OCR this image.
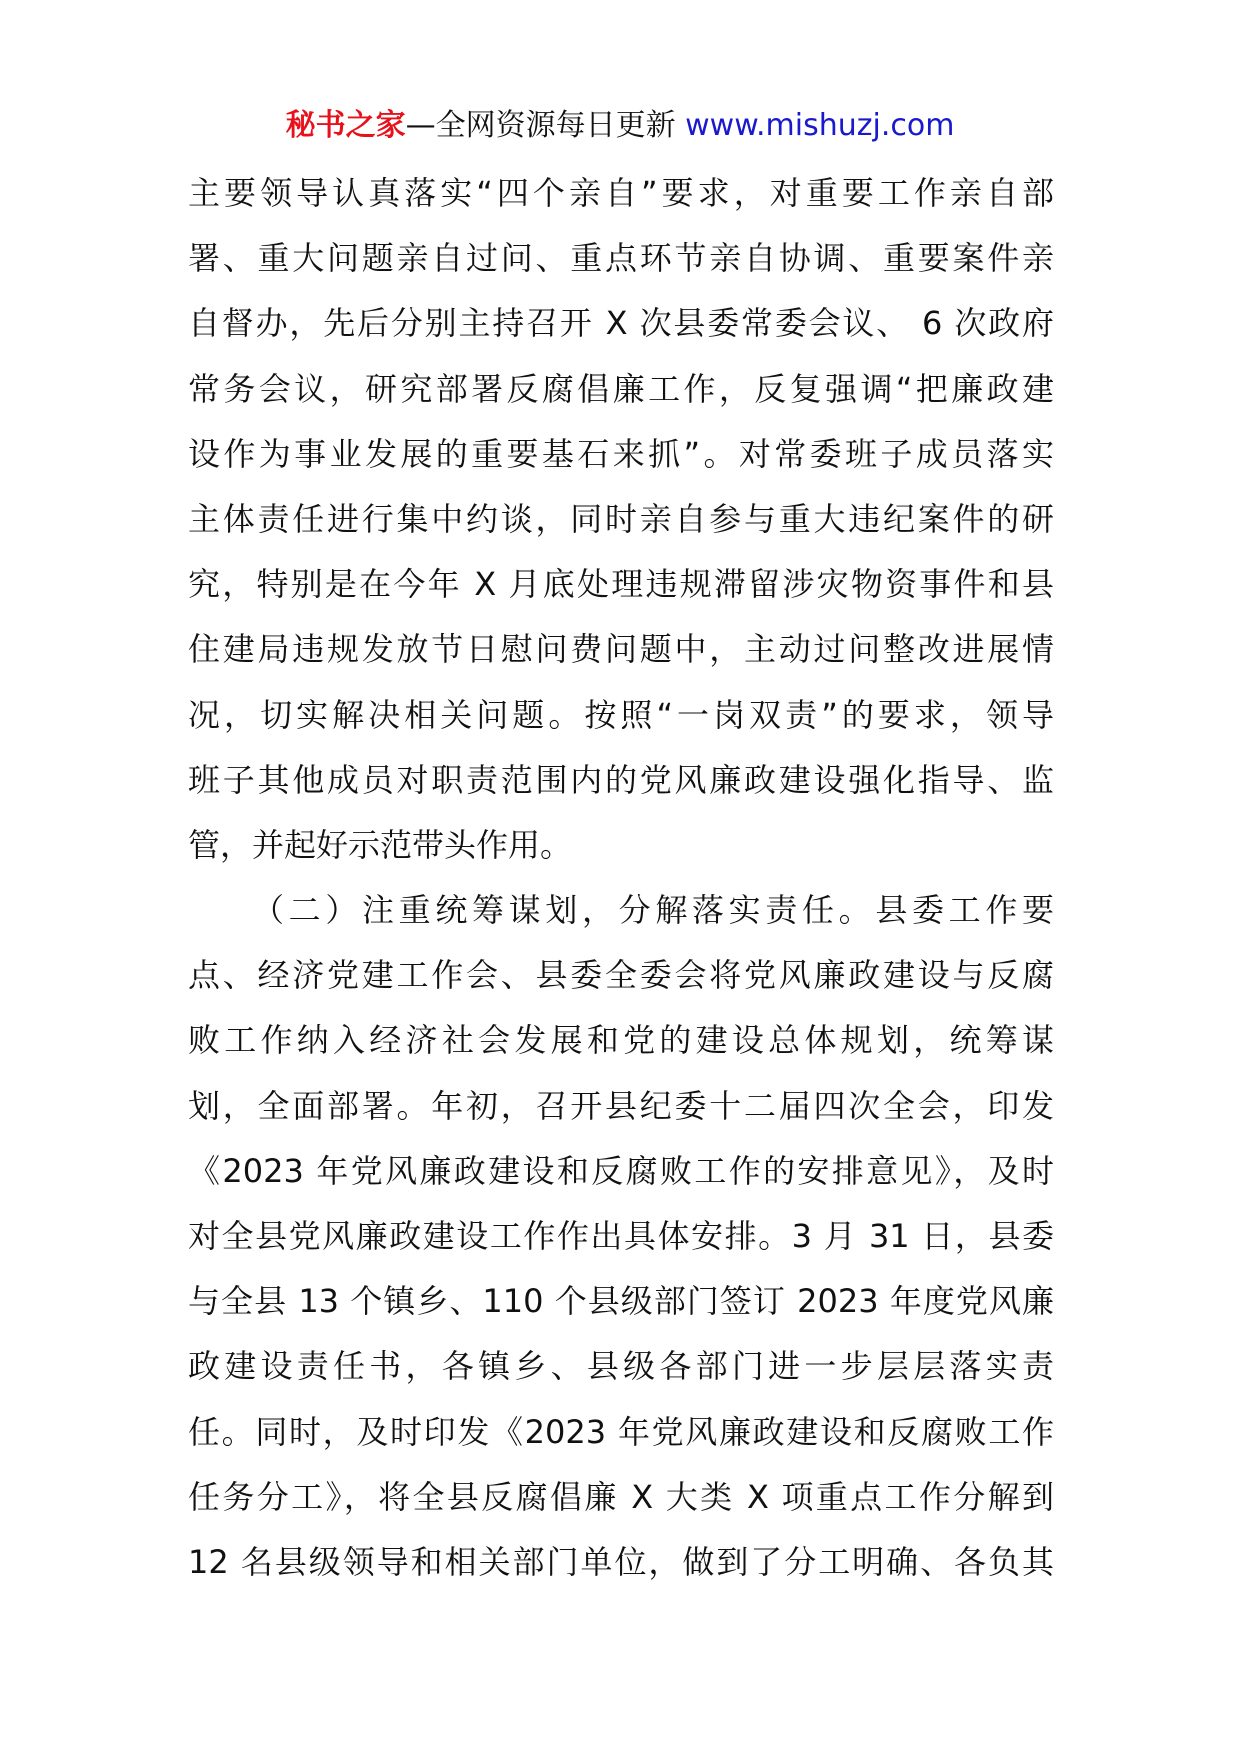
秘书之家—全网资源每日更新 www.mishuzj.com
主要领导认真落实“四个亲自”要求，对重要工作亲自部
署、重大问题亲自过问、重点环节亲自协调、重要案件亲
自督办，先后分别主持召开 X 次县委常委会议、 6 次政府
常务会议，研究部署反腐倡廉工作，反复强调“把廉政建
设作为事业发展的重要基石来抓”。对常委班子成员落实
主体责任进行集中约谈，同时亲自参与重大违纪案件的研
究，特别是在今年 X 月底处理违规滞留涉灾物资事件和县
住建局违规发放节日慰问费问题中，主动过问整改进展情
况，切实解决相关问题。按照“一岗双责”的要求，领导
班子其他成员对职责范围内的党风廉政建设强化指导、监
管，并起好示范带头作用。
（二）注重统筹谋划，分解落实责任。县委工作要
点、经济党建工作会、县委全委会将党风廉政建设与反腐
败工作纳入经济社会发展和党的建设总体规划，统筹谋
划，全面部署。年初，召开县纪委十二届四次全会，印发
《2023 年党风廉政建设和反腐败工作的安排意见》，及时
对全县党风廉政建设工作作出具体安排。3 月 31 日，县委
与全县 13 个镇乡、110 个县级部门签订 2023 年度党风廉
政建设责任书，各镇乡、县级各部门进一步层层落实责
任。同时，及时印发《2023 年党风廉政建设和反腐败工作
任务分工》，将全县反腐倡廉 X 大类 X 项重点工作分解到
12 名县级领导和相关部门单位，做到了分工明确、各负其
